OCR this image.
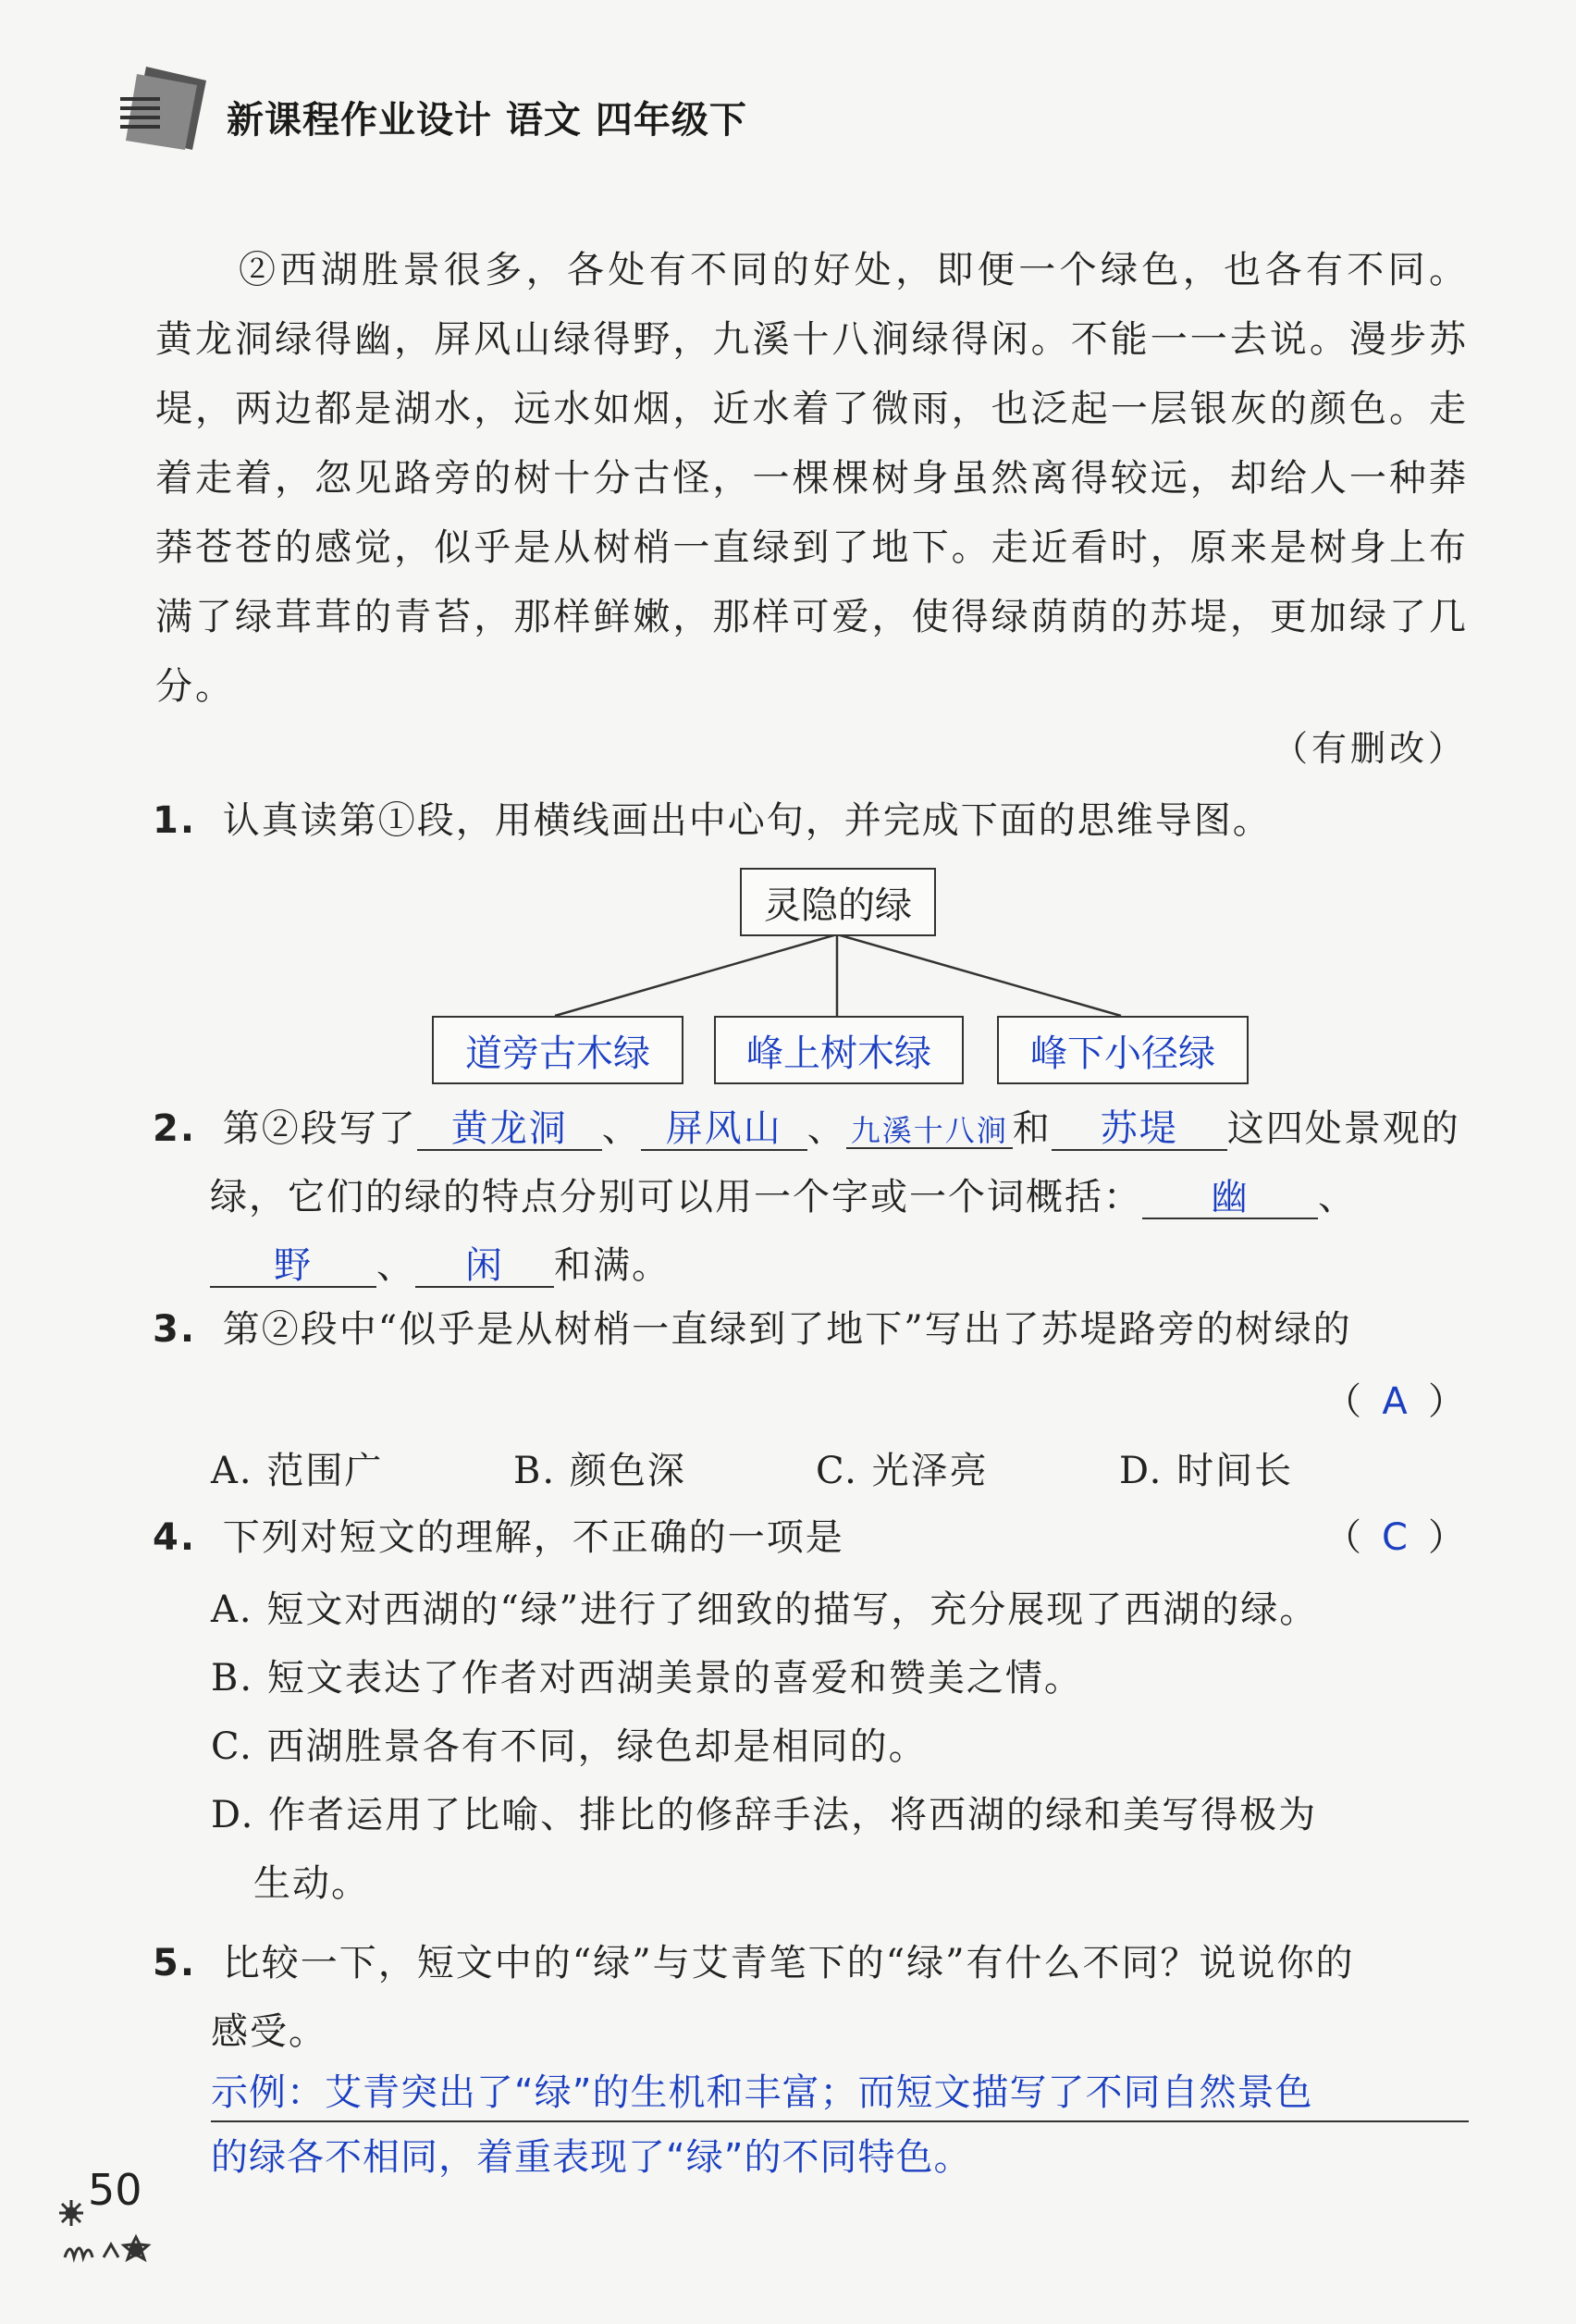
新课程作业设计 语文 四年级下
②西湖胜景很多，各处有不同的好处，即便一个绿色，也各有不同。黄龙洞绿得幽，屏风山绿得野，九溪十八涧绿得闲。不能一一去说。漫步苏堤，两边都是湖水，远水如烟，近水着了微雨，也泛起一层银灰的颜色。走着走着，忽见路旁的树十分古怪，一棵棵树身虽然离得较远，却给人一种莽莽苍苍的感觉，似乎是从树梢一直绿到了地下。走近看时，原来是树身上布满了绿茸茸的青苔，那样鲜嫩，那样可爱，使得绿荫荫的苏堤，更加绿了几分。
（有删改）
1. 认真读第①段，用横线画出中心句，并完成下面的思维导图。
灵隐的绿
道旁古木绿	峰上树木绿	峰下小径绿
2. 第②段写了 黄龙洞 、 屏风山 、 九溪十八涧 和 苏堤 这四处景观的
绿，它们的绿的特点分别可以用一个字或一个词概括： 幽 、
野 、 闲 和满。
3. 第②段中“似乎是从树梢一直绿到了地下”写出了苏堤路旁的树绿的
（ A ）
A. 范围广	B. 颜色深	C. 光泽亮	D. 时间长
4. 下列对短文的理解，不正确的一项是	（ C ）
A. 短文对西湖的“绿”进行了细致的描写，充分展现了西湖的绿。
B. 短文表达了作者对西湖美景的喜爱和赞美之情。
C. 西湖胜景各有不同，绿色却是相同的。
D. 作者运用了比喻、排比的修辞手法，将西湖的绿和美写得极为
生动。
5. 比较一下，短文中的“绿”与艾青笔下的“绿”有什么不同？说说你的
感受。
示例：艾青突出了“绿”的生机和丰富；而短文描写了不同自然景色
的绿各不相同，着重表现了“绿”的不同特色。
50
